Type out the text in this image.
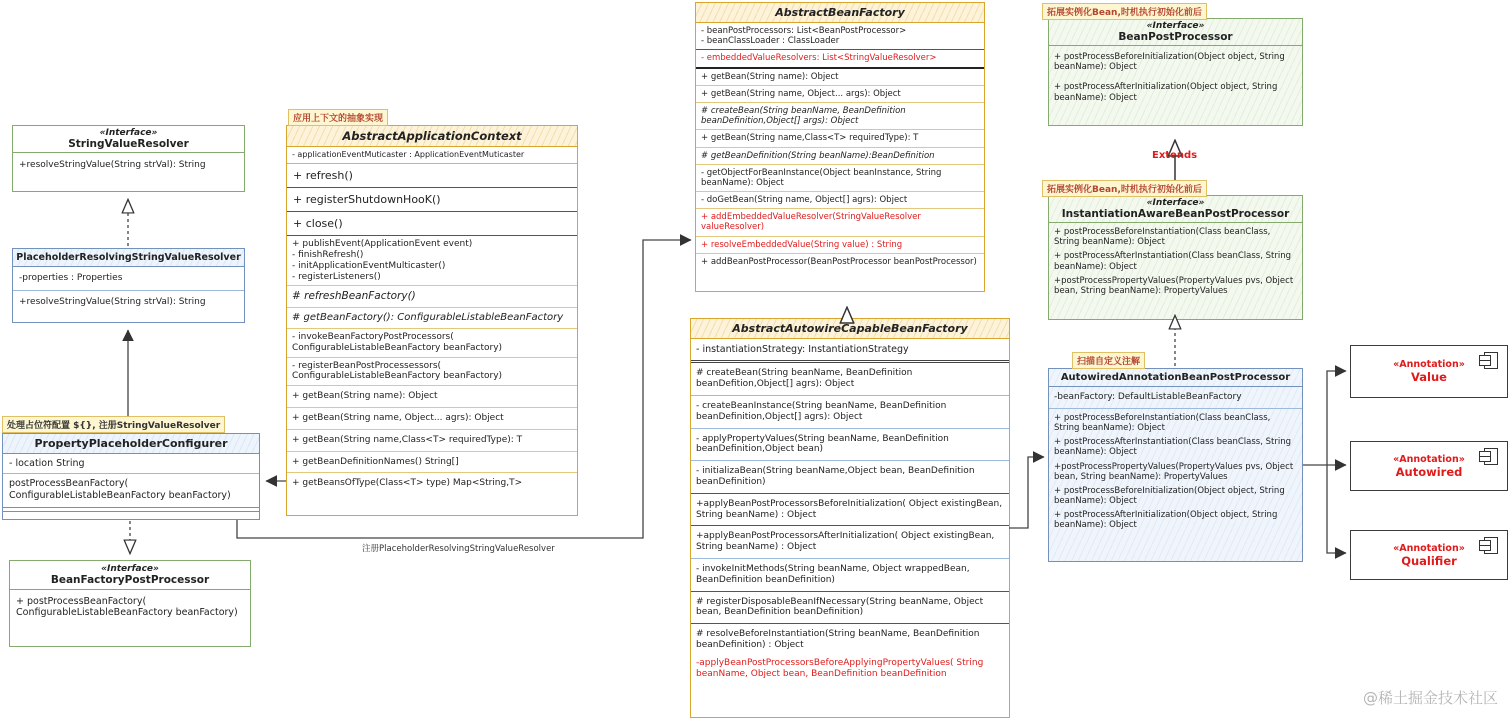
拓展实例化Bean,时机执行初始化前后
拓展实例化Bean,时机执行初始化前后
扫描自定义注解
应用上下文的抽象实现
处理占位符配置 ${}, 注册StringValueResolver
Extends
注册PlaceholderResolvingStringValueResolver
«Interface»
StringValueResolver
+resolveStringValue(String strVal): String
PlaceholderResolvingStringValueResolver
-properties : Properties
+resolveStringValue(String strVal): String
PropertyPlaceholderConfigurer
- location String
postProcessBeanFactory( ConfigurableListableBeanFactory beanFactory)
«Interface»
BeanFactoryPostProcessor
+ postProcessBeanFactory( ConfigurableListableBeanFactory beanFactory)
AbstractApplicationContext
- applicationEventMuticaster : ApplicationEventMuticaster
+ refresh()
+ registerShutdownHooK()
+ close()
+ publishEvent(ApplicationEvent event)
- finishRefresh()
- initApplicationEventMulticaster()
- registerListeners()
# refreshBeanFactory()
# getBeanFactory(): ConfigurableListableBeanFactory
- invokeBeanFactoryPostProcessors( ConfigurableListableBeanFactory beanFactory)
- registerBeanPostProcessessors( ConfigurableListableBeanFactory beanFactory)
+ getBean(String name): Object
+ getBean(String name, Object... agrs): Object
+ getBean(String name,Class<T> requiredType): T
+ getBeanDefinitionNames() String[]
+ getBeansOfType(Class<T> type) Map<String,T>
AbstractBeanFactory
- beanPostProcessors: List<BeanPostProcessor>
- beanClassLoader : ClassLoader
- embeddedValueResolvers: List<StringValueResolver>
+ getBean(String name): Object
+ getBean(String name, Object... args): Object
# createBean(String beanName, BeanDefinition beanDefinition,Object[] args): Object
+ getBean(String name,Class<T> requiredType): T
# getBeanDefinition(String beanName):BeanDefinition
- getObjectForBeanInstance(Object beanInstance, String beanName): Object
- doGetBean(String name, Object[] agrs): Object
+ addEmbeddedValueResolver(StringValueResolver valueResolver)
+ resolveEmbeddedValue(String value) : String
+ addBeanPostProcessor(BeanPostProcessor beanPostProcessor)
AbstractAutowireCapableBeanFactory
- instantiationStrategy: InstantiationStrategy
# createBean(String beanName, BeanDefinition beanDefition,Object[] agrs): Object
- createBeanInstance(String beanName, BeanDefinition beanDefinition,Object[] agrs): Object
- applyPropertyValues(String beanName, BeanDefinition beanDefinition,Object bean)
- initializaBean(String beanName,Object bean, BeanDefinition beanDefinition)
+applyBeanPostProcessorsBeforeInitialization( Object existingBean, String beanName) : Object
+applyBeanPostProcessorsAfterInitialization( Object existingBean, String beanName) : Object
- invokeInitMethods(String beanName, Object wrappedBean, BeanDefinition beanDefinition)
# registerDisposableBeanIfNecessary(String beanName, Object bean, BeanDefinition beanDefinition)
# resolveBeforeInstantiation(String beanName, BeanDefinition beanDefinition) : Object
-applyBeanPostProcessorsBeforeApplyingPropertyValues( String beanName, Object bean, BeanDefinition beanDefinition
«Interface»
BeanPostProcessor
+ postProcessBeforeInitialization(Object object, String beanName): Object
+ postProcessAfterInitialization(Object object, String beanName): Object
«Interface»
InstantiationAwareBeanPostProcessor
+ postProcessBeforeInstantiation(Class beanClass, String beanName): Object
+ postProcessAfterInstantiation(Class beanClass, String beanName): Object
+postProcessPropertyValues(PropertyValues pvs, Object bean, String beanName): PropertyValues
AutowiredAnnotationBeanPostProcessor
-beanFactory: DefaultListableBeanFactory
+ postProcessBeforeInstantiation(Class beanClass, String beanName): Object
+ postProcessAfterInstantiation(Class beanClass, String beanName): Object
+postProcessPropertyValues(PropertyValues pvs, Object bean, String beanName): PropertyValues
+ postProcessBeforeInitialization(Object object, String beanName): Object
+ postProcessAfterInitialization(Object object, String beanName): Object
«Annotation»
Value
«Annotation»
Autowired
«Annotation»
Qualifier
@稀土掘金技术社区
